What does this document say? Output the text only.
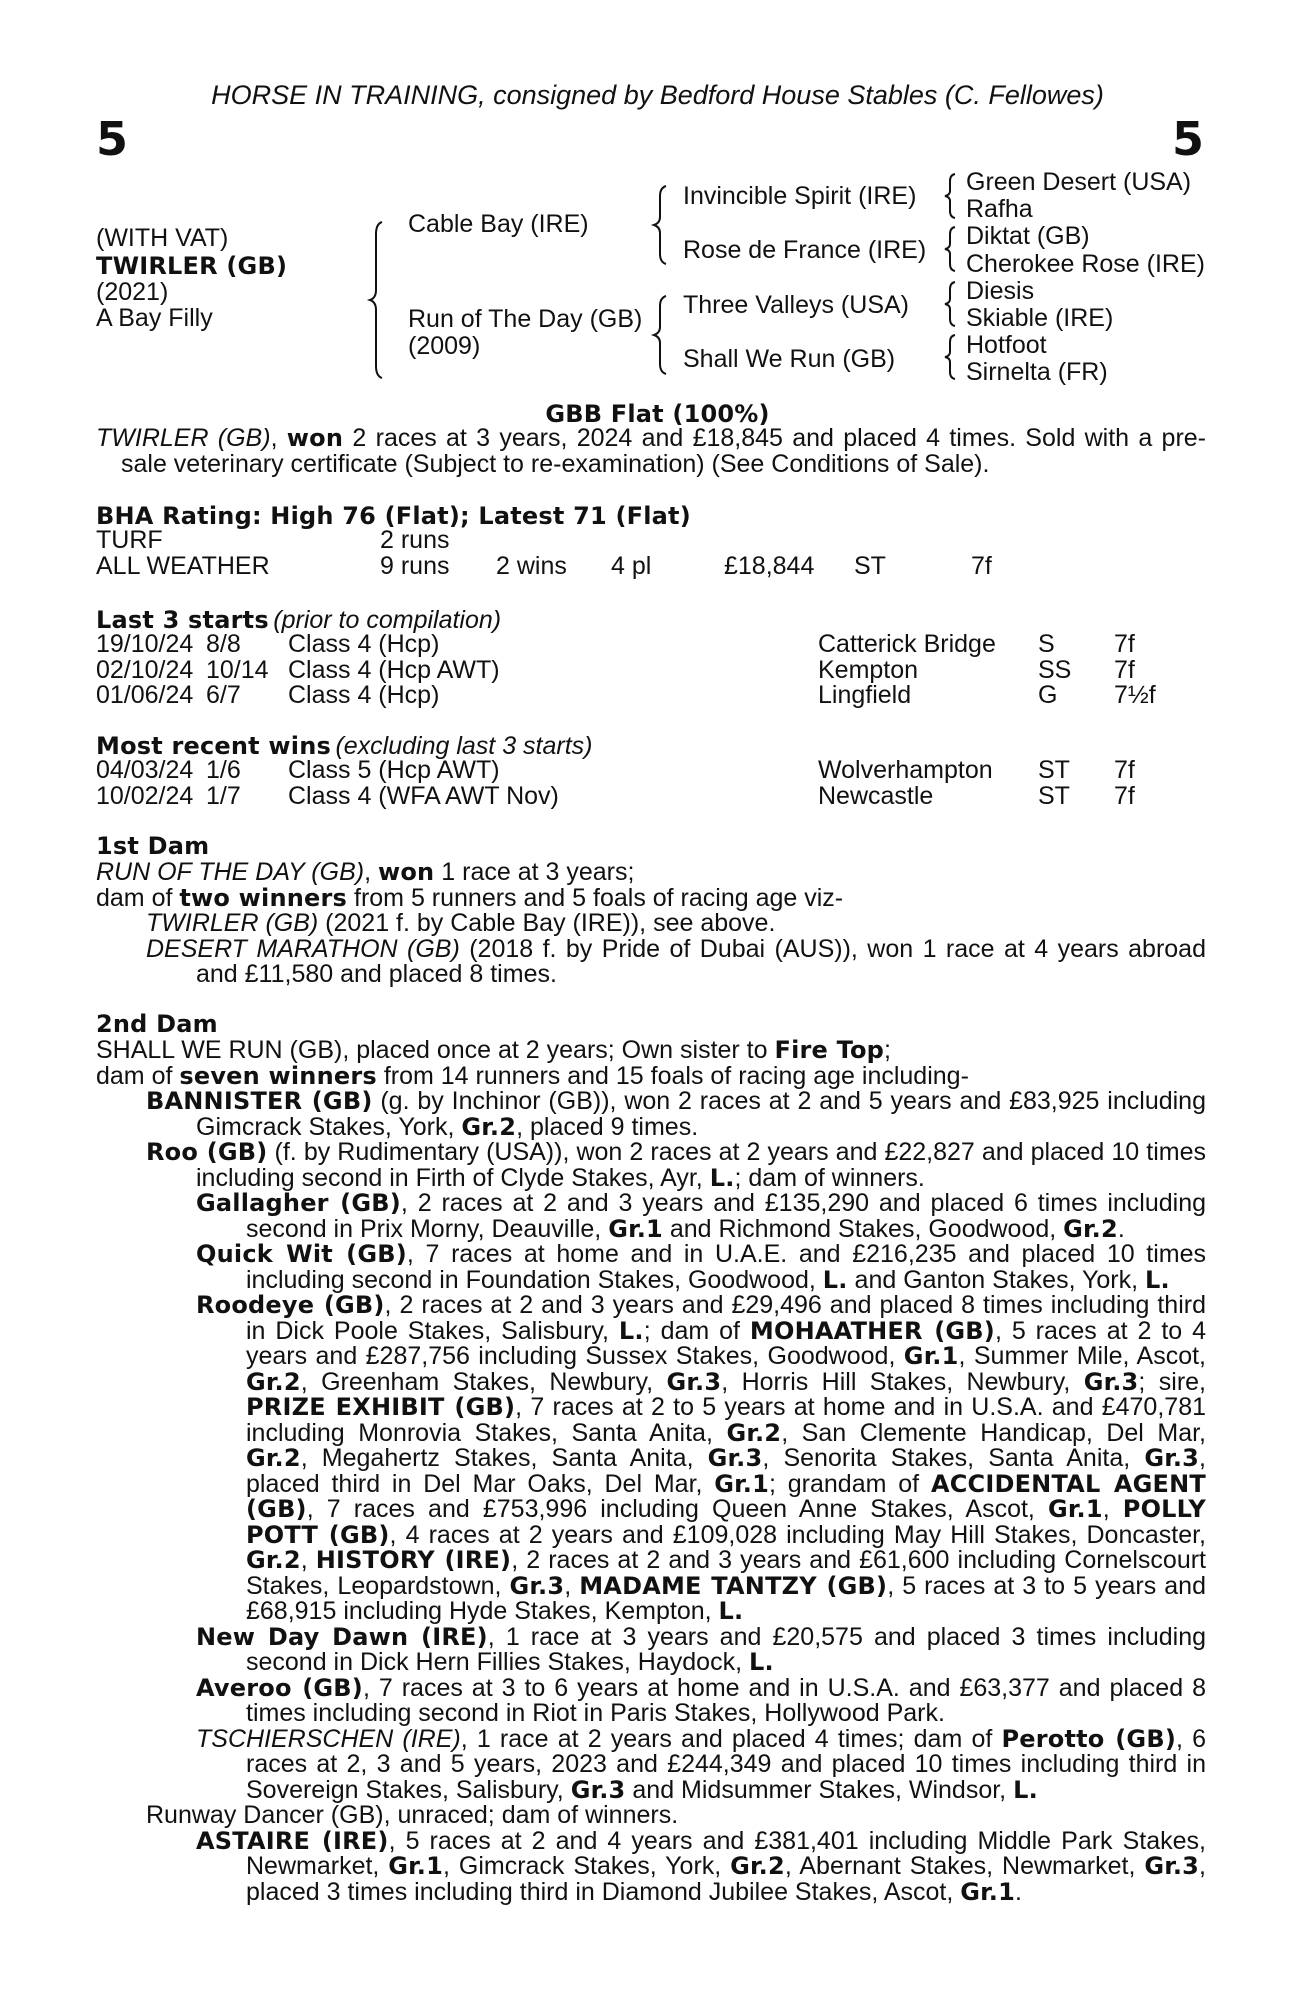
HORSE IN TRAINING, consigned by Bedford House Stables (C. Fellowes)
5	5
(WITH VAT)
TWIRLER (GB)
(2021)
A Bay Filly
Cable Bay (IRE)
Run of The Day (GB)
(2009)
Invincible Spirit (IRE)
Rose de France (IRE)
Three Valleys (USA)
Shall We Run (GB)
Green Desert (USA)
Rafha
Diktat (GB)
Cherokee Rose (IRE)
Diesis
Skiable (IRE)
Hotfoot
Sirnelta (FR)
GBB Flat (100%)
TWIRLER (GB), won 2 races at 3 years, 2024 and £18,845 and placed 4 times. Sold with a pre-sale veterinary certificate (Subject to re-examination) (See Conditions of Sale).
BHA Rating: High 76 (Flat); Latest 71 (Flat)
TURF	2 runs
ALL WEATHER	9 runs 2 wins 4 pl	£18,844 ST	7f
Last 3 starts (prior to compilation)
19/10/24 8/8 Class 4 (Hcp)	Catterick Bridge S 7f
02/10/24 10/14 Class 4 (Hcp AWT)	Kempton	SS 7f
01/06/24 6/7 Class 4 (Hcp)	Lingfield	G 7½f
Most recent wins (excluding last 3 starts)
04/03/24 1/6 Class 5 (Hcp AWT)	Wolverhampton ST 7f
10/02/24 1/7 Class 4 (WFA AWT Nov)	Newcastle	ST 7f
1st Dam
RUN OF THE DAY (GB), won 1 race at 3 years;
dam of two winners from 5 runners and 5 foals of racing age viz-
TWIRLER (GB) (2021 f. by Cable Bay (IRE)), see above.
DESERT MARATHON (GB) (2018 f. by Pride of Dubai (AUS)), won 1 race at 4 years abroad and £11,580 and placed 8 times.
2nd Dam
SHALL WE RUN (GB), placed once at 2 years; Own sister to Fire Top;
dam of seven winners from 14 runners and 15 foals of racing age including-
BANNISTER (GB) (g. by Inchinor (GB)), won 2 races at 2 and 5 years and £83,925 including Gimcrack Stakes, York, Gr.2, placed 9 times.
Roo (GB) (f. by Rudimentary (USA)), won 2 races at 2 years and £22,827 and placed 10 times including second in Firth of Clyde Stakes, Ayr, L.; dam of winners.
Gallagher (GB), 2 races at 2 and 3 years and £135,290 and placed 6 times including second in Prix Morny, Deauville, Gr.1 and Richmond Stakes, Goodwood, Gr.2.
Quick Wit (GB), 7 races at home and in U.A.E. and £216,235 and placed 10 times including second in Foundation Stakes, Goodwood, L. and Ganton Stakes, York, L.
Roodeye (GB), 2 races at 2 and 3 years and £29,496 and placed 8 times including third in Dick Poole Stakes, Salisbury, L.; dam of MOHAATHER (GB), 5 races at 2 to 4 years and £287,756 including Sussex Stakes, Goodwood, Gr.1, Summer Mile, Ascot, Gr.2, Greenham Stakes, Newbury, Gr.3, Horris Hill Stakes, Newbury, Gr.3; sire, PRIZE EXHIBIT (GB), 7 races at 2 to 5 years at home and in U.S.A. and £470,781 including Monrovia Stakes, Santa Anita, Gr.2, San Clemente Handicap, Del Mar, Gr.2, Megahertz Stakes, Santa Anita, Gr.3, Senorita Stakes, Santa Anita, Gr.3, placed third in Del Mar Oaks, Del Mar, Gr.1; grandam of ACCIDENTAL AGENT (GB), 7 races and £753,996 including Queen Anne Stakes, Ascot, Gr.1, POLLY POTT (GB), 4 races at 2 years and £109,028 including May Hill Stakes, Doncaster, Gr.2, HISTORY (IRE), 2 races at 2 and 3 years and £61,600 including Cornelscourt Stakes, Leopardstown, Gr.3, MADAME TANTZY (GB), 5 races at 3 to 5 years and £68,915 including Hyde Stakes, Kempton, L.
New Day Dawn (IRE), 1 race at 3 years and £20,575 and placed 3 times including second in Dick Hern Fillies Stakes, Haydock, L.
Averoo (GB), 7 races at 3 to 6 years at home and in U.S.A. and £63,377 and placed 8 times including second in Riot in Paris Stakes, Hollywood Park.
TSCHIERSCHEN (IRE), 1 race at 2 years and placed 4 times; dam of Perotto (GB), 6 races at 2, 3 and 5 years, 2023 and £244,349 and placed 10 times including third in Sovereign Stakes, Salisbury, Gr.3 and Midsummer Stakes, Windsor, L.
Runway Dancer (GB), unraced; dam of winners.
ASTAIRE (IRE), 5 races at 2 and 4 years and £381,401 including Middle Park Stakes, Newmarket, Gr.1, Gimcrack Stakes, York, Gr.2, Abernant Stakes, Newmarket, Gr.3, placed 3 times including third in Diamond Jubilee Stakes, Ascot, Gr.1.
